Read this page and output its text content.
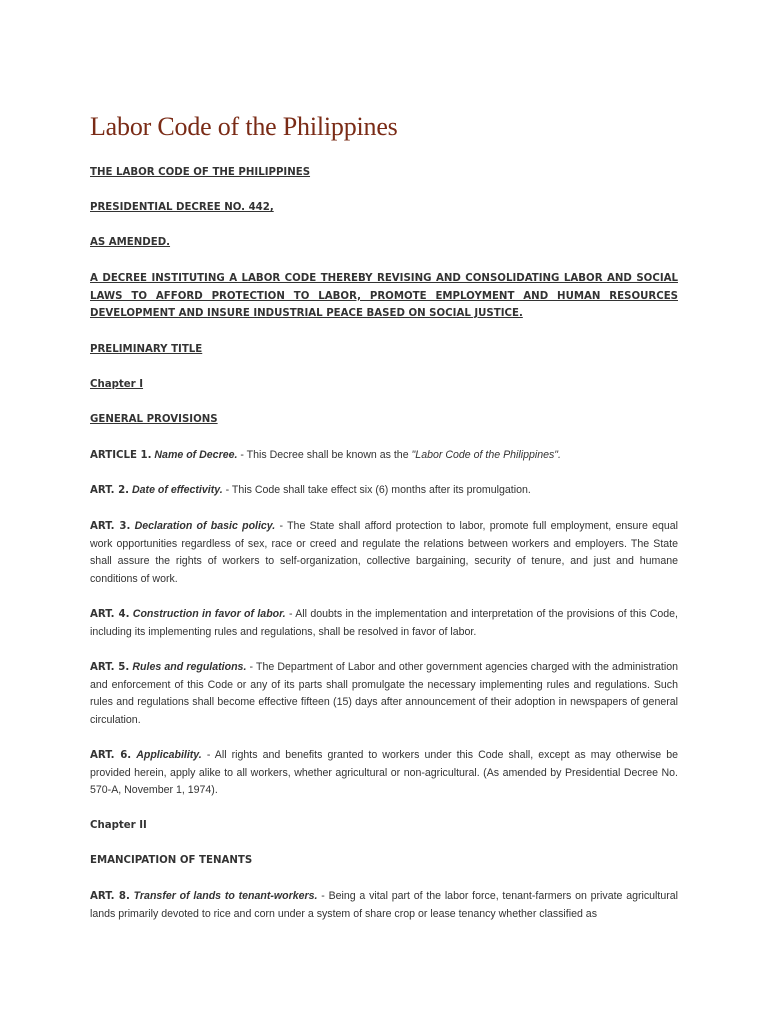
Labor Code of the Philippines

THE LABOR CODE OF THE PHILIPPINES

PRESIDENTIAL DECREE NO. 442,

AS AMENDED.

A DECREE INSTITUTING A LABOR CODE THEREBY REVISING AND CONSOLIDATING LABOR AND SOCIAL LAWS TO AFFORD PROTECTION TO LABOR, PROMOTE EMPLOYMENT AND HUMAN RESOURCES DEVELOPMENT AND INSURE INDUSTRIAL PEACE BASED ON SOCIAL JUSTICE.

PRELIMINARY TITLE

Chapter I

GENERAL PROVISIONS

ARTICLE 1. Name of Decree. - This Decree shall be known as the "Labor Code of the Philippines".

ART. 2. Date of effectivity. - This Code shall take effect six (6) months after its promulgation.

ART. 3. Declaration of basic policy. - The State shall afford protection to labor, promote full employment, ensure equal work opportunities regardless of sex, race or creed and regulate the relations between workers and employers. The State shall assure the rights of workers to self-organization, collective bargaining, security of tenure, and just and humane conditions of work.

ART. 4. Construction in favor of labor. - All doubts in the implementation and interpretation of the provisions of this Code, including its implementing rules and regulations, shall be resolved in favor of labor.

ART. 5. Rules and regulations. - The Department of Labor and other government agencies charged with the administration and enforcement of this Code or any of its parts shall promulgate the necessary implementing rules and regulations. Such rules and regulations shall become effective fifteen (15) days after announcement of their adoption in newspapers of general circulation.

ART. 6. Applicability. - All rights and benefits granted to workers under this Code shall, except as may otherwise be provided herein, apply alike to all workers, whether agricultural or non-agricultural. (As amended by Presidential Decree No. 570-A, November 1, 1974).

Chapter II

EMANCIPATION OF TENANTS

ART. 8. Transfer of lands to tenant-workers. - Being a vital part of the labor force, tenant-farmers on private agricultural lands primarily devoted to rice and corn under a system of share crop or lease tenancy whether classified as
